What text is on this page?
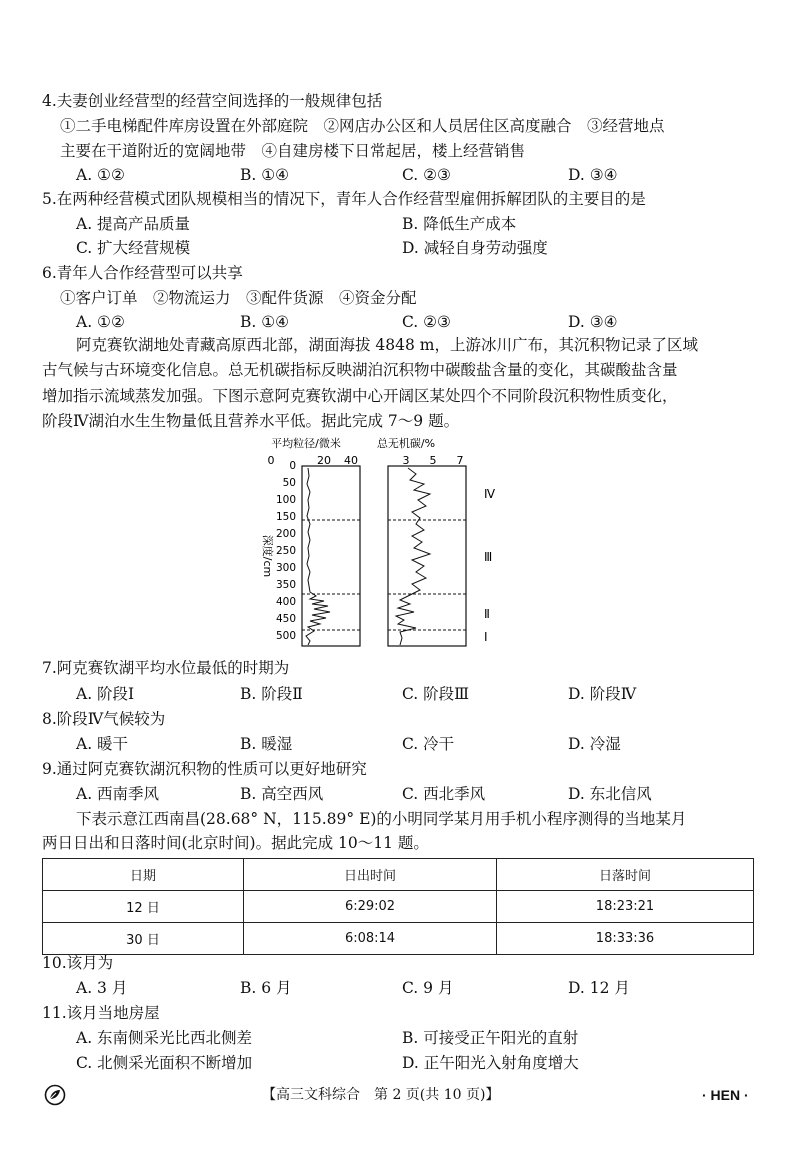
4.夫妻创业经营型的经营空间选择的一般规律包括
①二手电梯配件库房设置在外部庭院　②网店办公区和人员居住区高度融合　③经营地点
主要在干道附近的宽阔地带　④自建房楼下日常起居，楼上经营销售
A. ①②	B. ①④	C. ②③	D. ③④
5.在两种经营模式团队规模相当的情况下，青年人合作经营型雇佣拆解团队的主要目的是
A. 提高产品质量	B. 降低生产成本
C. 扩大经营规模	D. 减轻自身劳动强度
6.青年人合作经营型可以共享
①客户订单　②物流运力　③配件货源　④资金分配
A. ①②	B. ①④	C. ②③	D. ③④
阿克赛钦湖地处青藏高原西北部，湖面海拔 4848 m，上游冰川广布，其沉积物记录了区域
古气候与古环境变化信息。总无机碳指标反映湖泊沉积物中碳酸盐含量的变化，其碳酸盐含量
增加指示流域蒸发加强。下图示意阿克赛钦湖中心开阔区某处四个不同阶段沉积物性质变化，
阶段Ⅳ湖泊水生生物量低且营养水平低。据此完成 7～9 题。
平均粒径/微米	总无机碳/%
0	20 40	3 5 7
0
50
100
150
200
250
300
350
400
450
500
深度/cm
Ⅳ
Ⅲ
Ⅱ
Ⅰ
7.阿克赛钦湖平均水位最低的时期为
A. 阶段Ⅰ	B. 阶段Ⅱ	C. 阶段Ⅲ	D. 阶段Ⅳ
8.阶段Ⅳ气候较为
A. 暖干	B. 暖湿	C. 冷干	D. 冷湿
9.通过阿克赛钦湖沉积物的性质可以更好地研究
A. 西南季风	B. 高空西风	C. 西北季风	D. 东北信风
下表示意江西南昌(28.68° N，115.89° E)的小明同学某月用手机小程序测得的当地某月
两日日出和日落时间(北京时间)。据此完成 10～11 题。
日期	日出时间	日落时间
12 日	6:29:02	18:23:21
30 日	6:08:14	18:33:36
10.该月为
A. 3 月	B. 6 月	C. 9 月	D. 12 月
11.该月当地房屋
A. 东南侧采光比西北侧差	B. 可接受正午阳光的直射
C. 北侧采光面积不断增加	D. 正午阳光入射角度增大
【高三文科综合　第 2 页(共 10 页)】	· HEN ·
